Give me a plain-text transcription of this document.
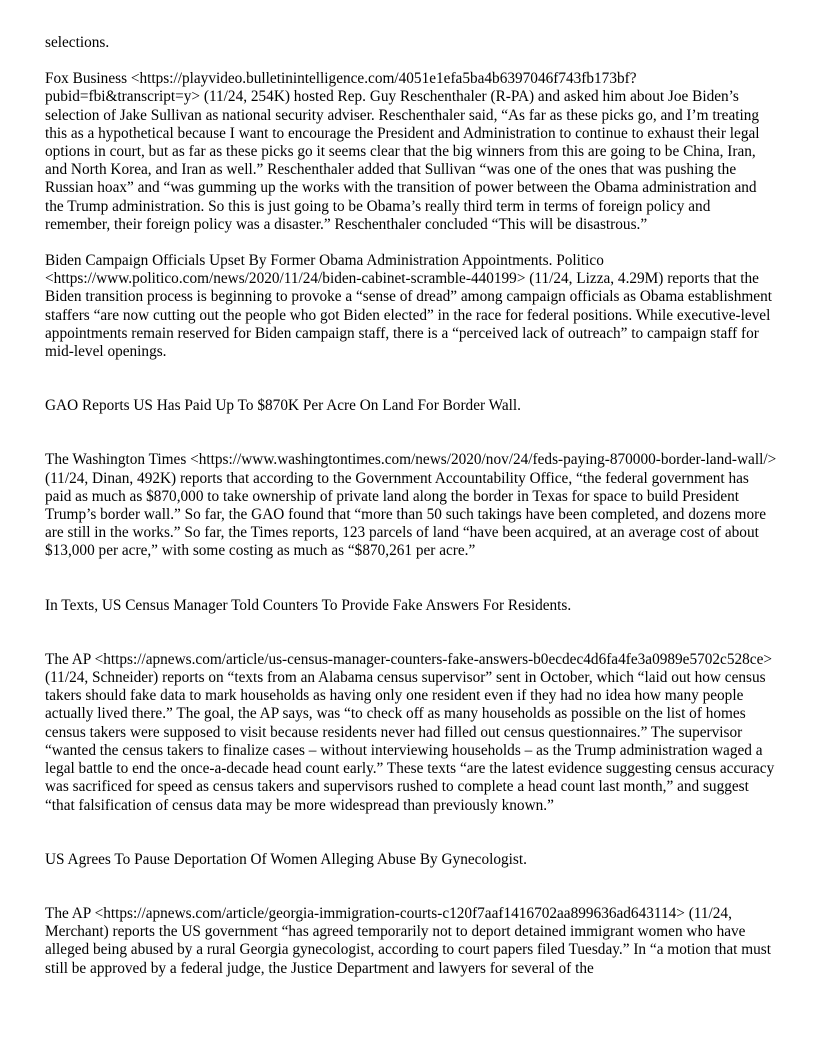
selections.

Fox Business <https://playvideo.bulletinintelligence.com/4051e1efa5ba4b6397046f743fb173bf?pubid=fbi&transcript=y> (11/24, 254K) hosted Rep. Guy Reschenthaler (R-PA) and asked him about Joe Biden’s selection of Jake Sullivan as national security adviser. Reschenthaler said, “As far as these picks go, and I’m treating this as a hypothetical because I want to encourage the President and Administration to continue to exhaust their legal options in court, but as far as these picks go it seems clear that the big winners from this are going to be China, Iran, and North Korea, and Iran as well.” Reschenthaler added that Sullivan “was one of the ones that was pushing the Russian hoax” and “was gumming up the works with the transition of power between the Obama administration and the Trump administration. So this is just going to be Obama’s really third term in terms of foreign policy and remember, their foreign policy was a disaster.” Reschenthaler concluded “This will be disastrous.”

Biden Campaign Officials Upset By Former Obama Administration Appointments. Politico <https://www.politico.com/news/2020/11/24/biden-cabinet-scramble-440199> (11/24, Lizza, 4.29M) reports that the Biden transition process is beginning to provoke a “sense of dread” among campaign officials as Obama establishment staffers “are now cutting out the people who got Biden elected” in the race for federal positions. While executive-level appointments remain reserved for Biden campaign staff, there is a “perceived lack of outreach” to campaign staff for mid-level openings.

GAO Reports US Has Paid Up To $870K Per Acre On Land For Border Wall.

The Washington Times <https://www.washingtontimes.com/news/2020/nov/24/feds-paying-870000-border-land-wall/> (11/24, Dinan, 492K) reports that according to the Government Accountability Office, “the federal government has paid as much as $870,000 to take ownership of private land along the border in Texas for space to build President Trump’s border wall.” So far, the GAO found that “more than 50 such takings have been completed, and dozens more are still in the works.” So far, the Times reports, 123 parcels of land “have been acquired, at an average cost of about $13,000 per acre,” with some costing as much as “$870,261 per acre.”

In Texts, US Census Manager Told Counters To Provide Fake Answers For Residents.

The AP <https://apnews.com/article/us-census-manager-counters-fake-answers-b0ecdec4d6fa4fe3a0989e5702c528ce> (11/24, Schneider) reports on “texts from an Alabama census supervisor” sent in October, which “laid out how census takers should fake data to mark households as having only one resident even if they had no idea how many people actually lived there.” The goal, the AP says, was “to check off as many households as possible on the list of homes census takers were supposed to visit because residents never had filled out census questionnaires.” The supervisor “wanted the census takers to finalize cases – without interviewing households – as the Trump administration waged a legal battle to end the once-a-decade head count early.” These texts “are the latest evidence suggesting census accuracy was sacrificed for speed as census takers and supervisors rushed to complete a head count last month,” and suggest “that falsification of census data may be more widespread than previously known.”

US Agrees To Pause Deportation Of Women Alleging Abuse By Gynecologist.

The AP <https://apnews.com/article/georgia-immigration-courts-c120f7aaf1416702aa899636ad643114> (11/24, Merchant) reports the US government “has agreed temporarily not to deport detained immigrant women who have alleged being abused by a rural Georgia gynecologist, according to court papers filed Tuesday.” In “a motion that must still be approved by a federal judge, the Justice Department and lawyers for several of the
